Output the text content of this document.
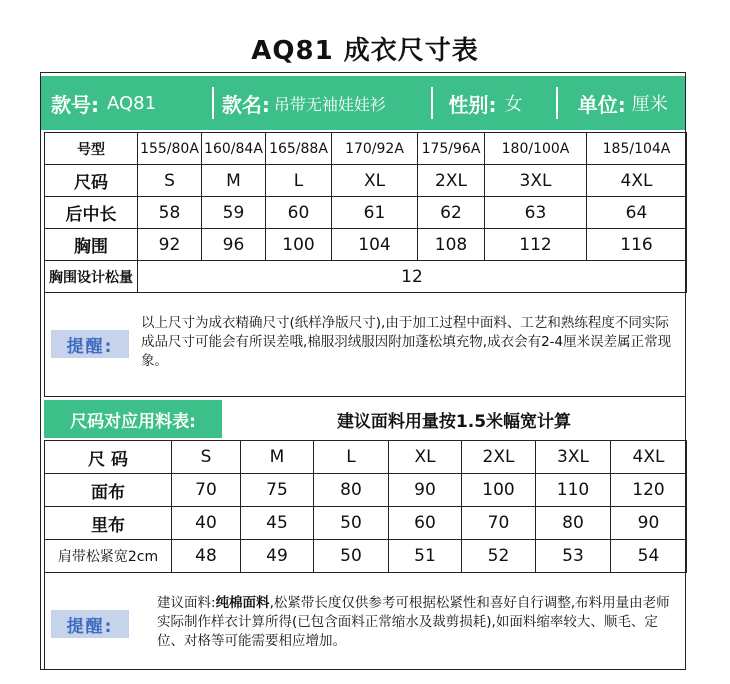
AQ81 成衣尺寸表
款号: AQ81	款名: 吊带无袖娃娃衫	性别: 女	单位: 厘米
号型	155/80A	160/84A	165/88A	170/92A	175/96A	180/100A	185/104A
尺码	S	M	L	XL	2XL	3XL	4XL
后中长	58	59	60	61	62	63	64
胸围	92	96	100	104	108	112	116
胸围设计松量	12						
提醒:
以上尺寸为成衣精确尺寸(纸样净版尺寸),由于加工过程中面料、工艺和熟练程度不同实际成品尺寸可能会有所误差哦,棉服羽绒服因附加蓬松填充物,成衣会有2-4厘米误差属正常现象。
尺码对应用料表:	建议面料用量按1.5米幅宽计算
尺 码	S	M	L	XL	2XL	3XL	4XL
面布	70	75	80	90	100	110	120
里布	40	45	50	60	70	80	90
肩带松紧宽2cm	48	49	50	51	52	53	54
提醒:
建议面料:纯棉面料,松紧带长度仅供参考可根据松紧性和喜好自行调整,布料用量由老师实际制作样衣计算所得(已包含面料正常缩水及裁剪损耗),如面料缩率较大、顺毛、定位、对格等可能需要相应增加。
